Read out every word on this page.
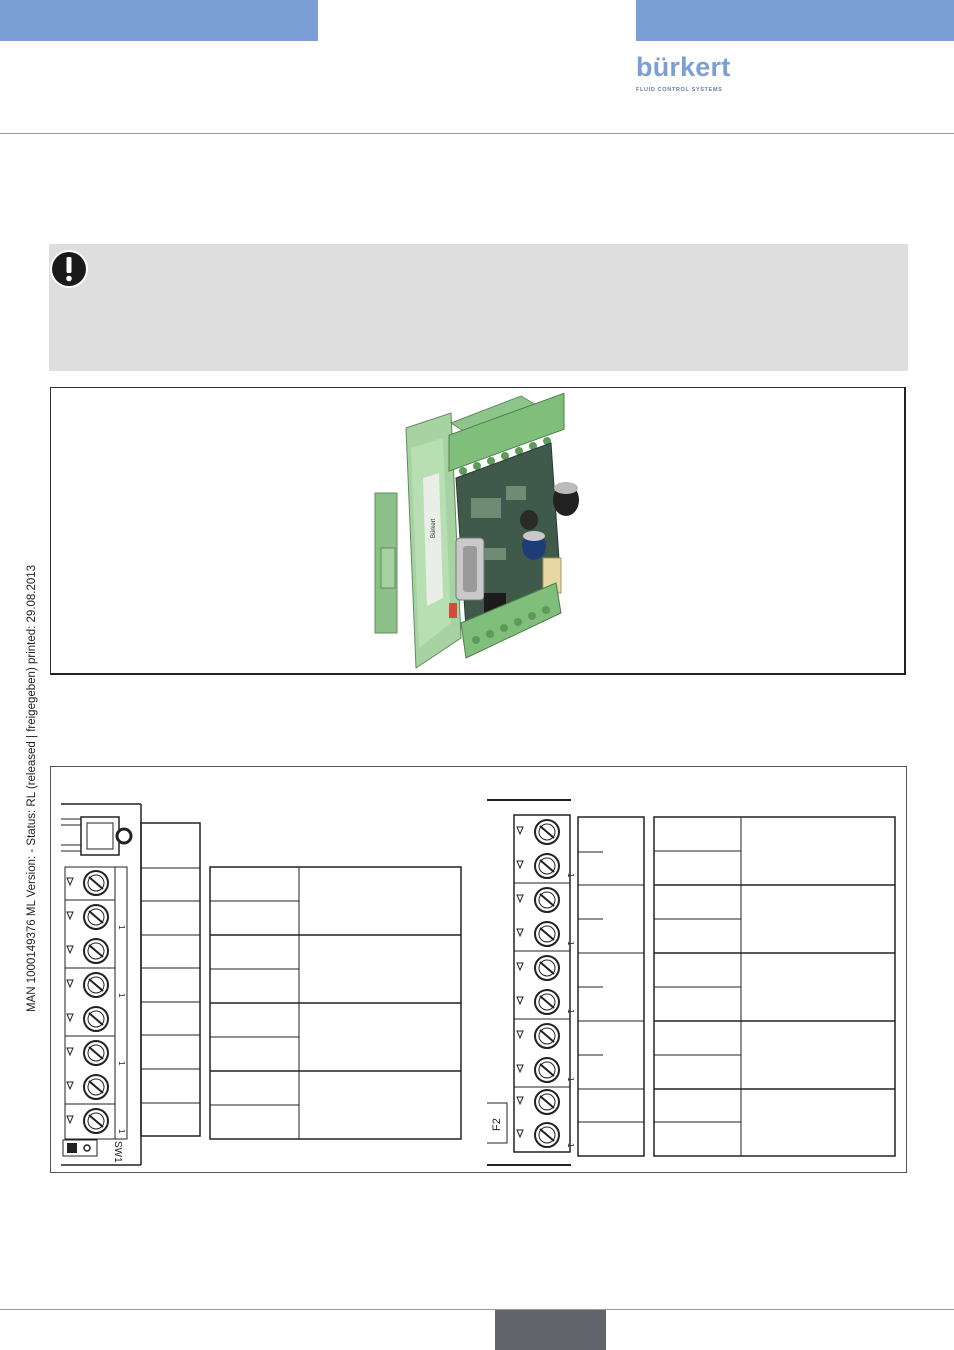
bürkert
FLUID CONTROL SYSTEMS
Bürkert
1
1
1
1
SW1
1
1
1
1
1
F2
MAN 1000149376 ML Version: - Status: RL (released | freigegeben) printed: 29.08.2013
